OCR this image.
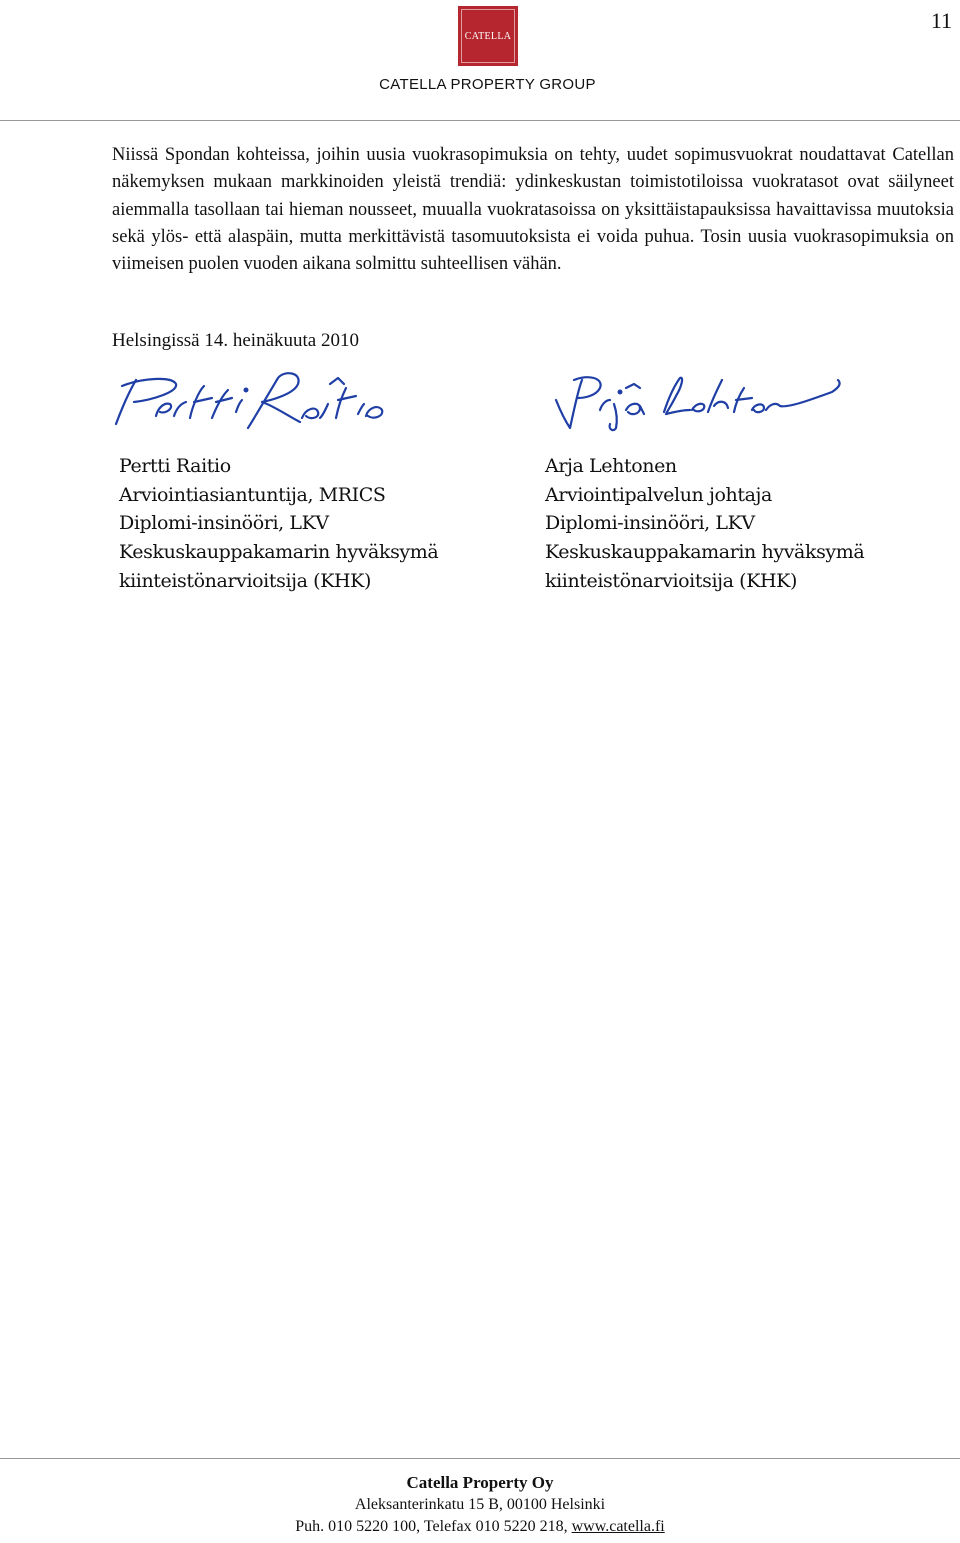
11
CATELLA
CATELLA PROPERTY GROUP
Niissä Spondan kohteissa, joihin uusia vuokrasopimuksia on tehty, uudet sopimusvuokrat noudattavat Catellan näkemyksen mukaan markkinoiden yleistä trendiä: ydinkeskustan toimistotiloissa vuokratasot ovat säilyneet aiemmalla tasollaan tai hieman nousseet, muualla vuokratasoissa on yksittäistapauksissa havaittavissa muutoksia sekä ylös- että alaspäin, mutta merkittävistä tasomuutoksista ei voida puhua. Tosin uusia vuokrasopimuksia on viimeisen puolen vuoden aikana solmittu suhteellisen vähän.
Helsingissä 14. heinäkuuta 2010
Pertti Raitio
Arviointiasiantuntija, MRICS
Diplomi-insinööri, LKV
Keskuskauppakamarin hyväksymä
kiinteistönarvioitsija (KHK)
Arja Lehtonen
Arviointipalvelun johtaja
Diplomi-insinööri, LKV
Keskuskauppakamarin hyväksymä
kiinteistönarvioitsija (KHK)
Catella Property Oy
Aleksanterinkatu 15 B, 00100 Helsinki
Puh. 010 5220 100, Telefax 010 5220 218, www.catella.fi
